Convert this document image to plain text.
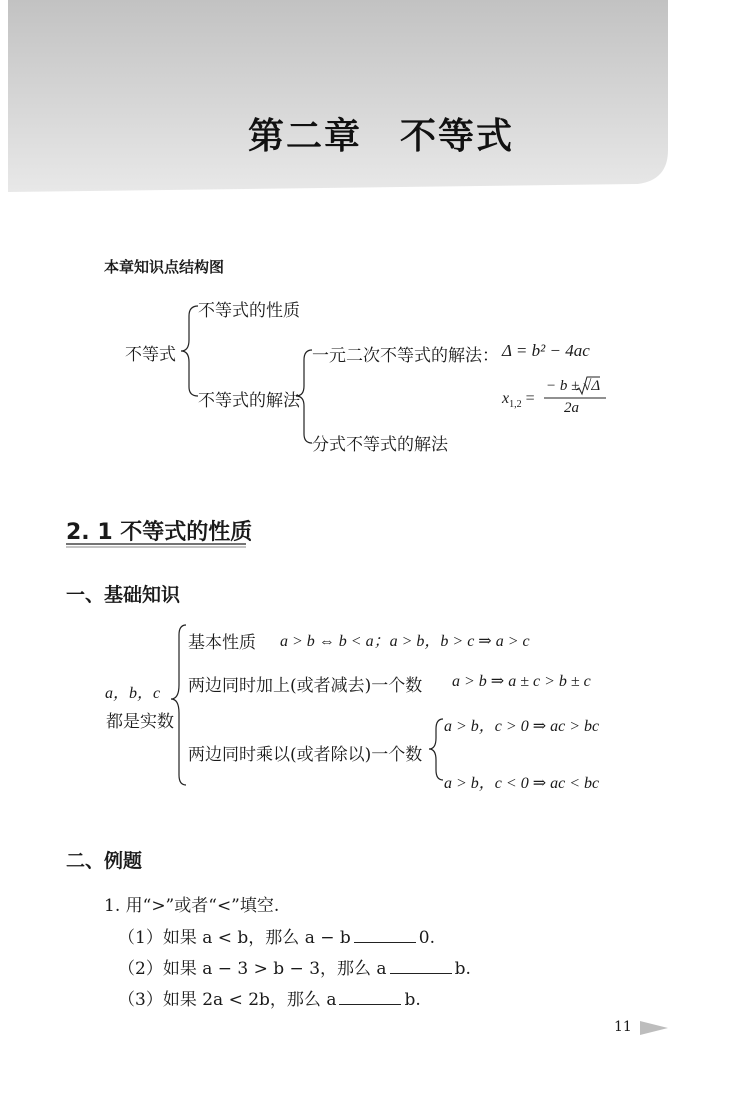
第二章　不等式
本章知识点结构图
不等式
不等式的性质
不等式的解法
一元二次不等式的解法： Δ = b² − 4ac
$x_{1,2}$ =
− b ± √Δ
2a
分式不等式的解法
2. 1 不等式的性质
一、基础知识
a，b，c
都是实数
基本性质 a > b ⇔ b < a；a > b，b > c ⇒ a > c
两边同时加上(或者减去)一个数 a > b ⇒ a ± c > b ± c
两边同时乘以(或者除以)一个数
a > b，c > 0 ⇒ ac > bc
a > b，c < 0 ⇒ ac < bc
二、例题
1. 用“>”或者“<”填空.
（1）如果 a < b，那么 a − b	0.
（2）如果 a − 3 > b − 3，那么 a	b.
（3）如果 2a < 2b，那么 a	b.
11
